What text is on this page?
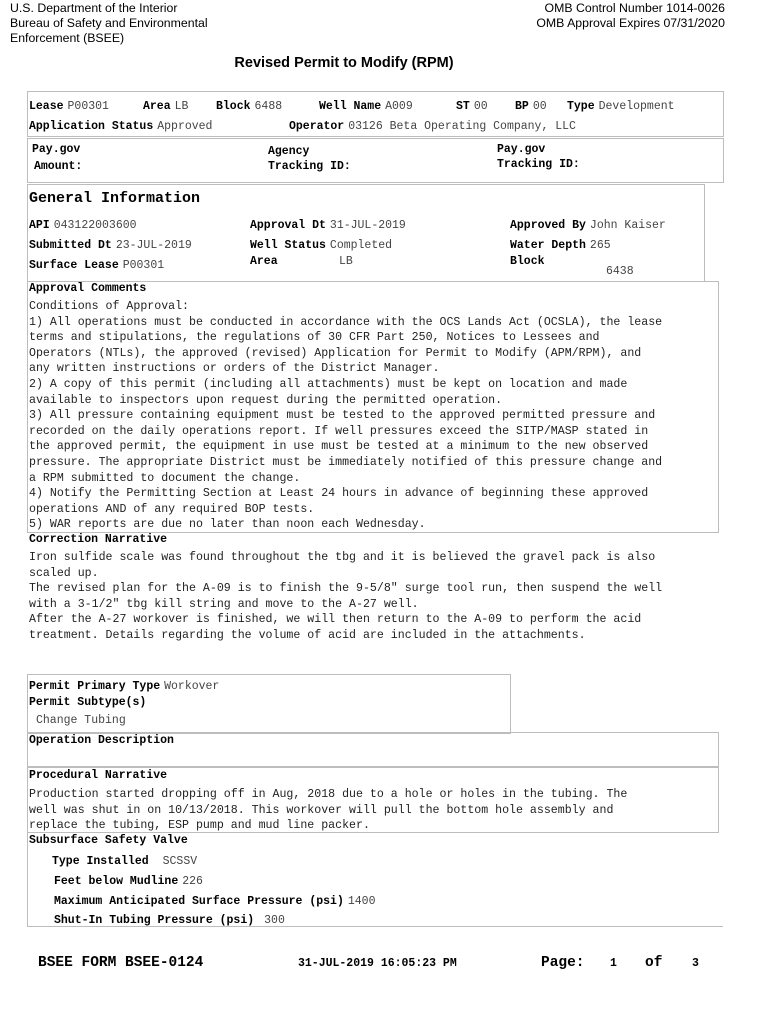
U.S. Department of the Interior
Bureau of Safety and Environmental
Enforcement (BSEE)
OMB Control Number 1014-0026
OMB Approval Expires 07/31/2020
Revised Permit to Modify (RPM)
Lease P00301	Area LB Block 6488	Well Name A009	ST 00 BP 00 Type Development
Application Status Approved	Operator 03126 Beta Operating Company, LLC
Pay.gov
Amount:
Agency
Tracking ID:
Pay.gov
Tracking ID:
General Information
API 043122003600	Approval Dt 31-JUL-2019	Approved By John Kaiser
Submitted Dt 23-JUL-2019	Well Status Completed	Water Depth 265
Surface Lease P00301	Area	LB	Block
6438
Approval Comments
Conditions of Approval:
1) All operations must be conducted in accordance with the OCS Lands Act (OCSLA), the lease
terms and stipulations, the regulations of 30 CFR Part 250, Notices to Lessees and
Operators (NTLs), the approved (revised) Application for Permit to Modify (APM/RPM), and
any written instructions or orders of the District Manager.
2) A copy of this permit (including all attachments) must be kept on location and made
available to inspectors upon request during the permitted operation.
3) All pressure containing equipment must be tested to the approved permitted pressure and
recorded on the daily operations report. If well pressures exceed the SITP/MASP stated in
the approved permit, the equipment in use must be tested at a minimum to the new observed
pressure. The appropriate District must be immediately notified of this pressure change and
a RPM submitted to document the change.
4) Notify the Permitting Section at Least 24 hours in advance of beginning these approved
operations AND of any required BOP tests.
5) WAR reports are due no later than noon each Wednesday.
Correction Narrative
Iron sulfide scale was found throughout the tbg and it is believed the gravel pack is also
scaled up.
The revised plan for the A-09 is to finish the 9-5/8" surge tool run, then suspend the well
with a 3-1/2" tbg kill string and move to the A-27 well.
After the A-27 workover is finished, we will then return to the A-09 to perform the acid
treatment. Details regarding the volume of acid are included in the attachments.
Permit Primary Type Workover
Permit Subtype(s)
Change Tubing
Operation Description
Procedural Narrative
Production started dropping off in Aug, 2018 due to a hole or holes in the tubing. The
well was shut in on 10/13/2018. This workover will pull the bottom hole assembly and
replace the tubing, ESP pump and mud line packer.
Subsurface Safety Valve
Type Installed SCSSV
Feet below Mudline 226
Maximum Anticipated Surface Pressure (psi) 1400
Shut-In Tubing Pressure (psi) 300
BSEE FORM BSEE-0124	31-JUL-2019 16:05:23 PM	Page: 1 of	3
